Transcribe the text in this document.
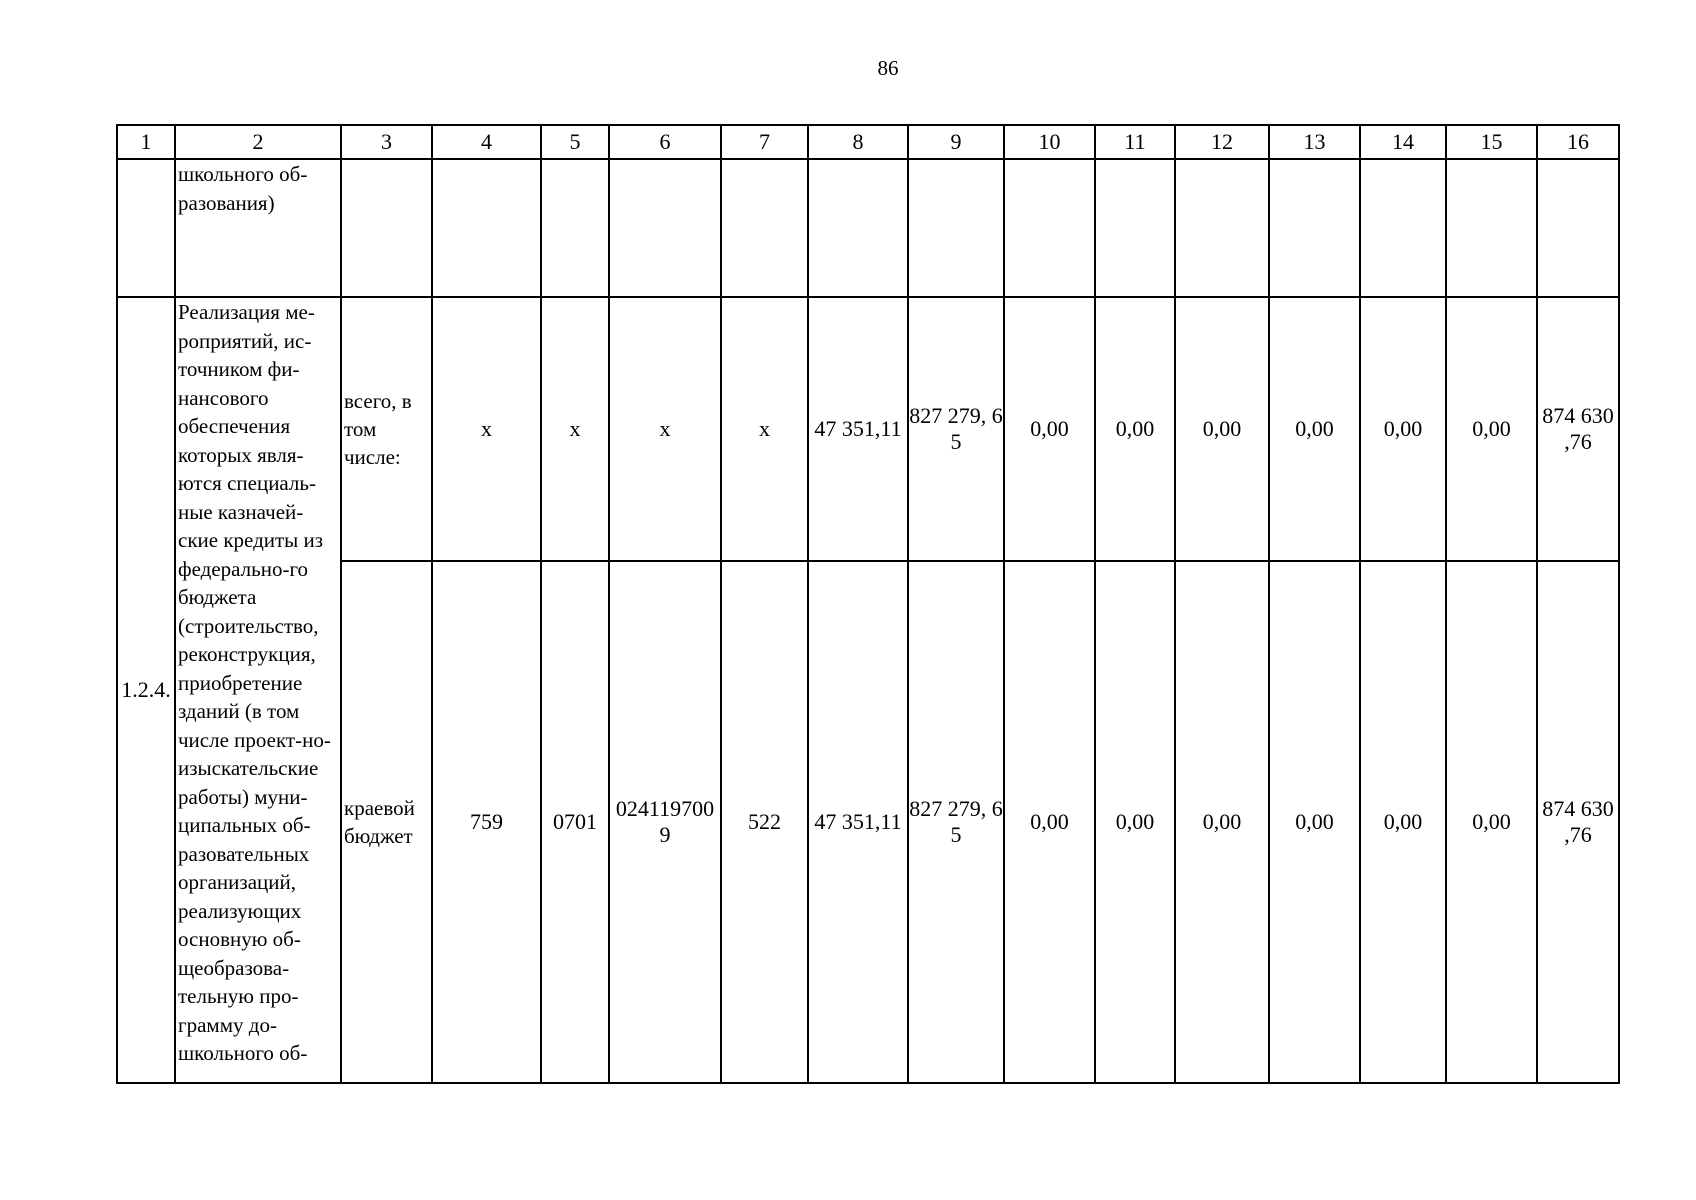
86
1	2	3	4	5	6	7	8	9	10	11	12	13	14	15	16

	школьного об-
разования)														

1.2.4.	Реализация ме-роприятий, ис-точником фи-нансового обеспечения которых явля-ются специаль-ные казначей-ские кредиты из федерально-го бюджета (строительство, реконструкция, приобретение зданий (в том числе проект-но-изыскательские работы) муни-ципальных об-разовательных организаций, реализующих основную об-щеобразова-тельную про-грамму до-школьного об-	всего, в том числе:	х	х	х	х	47 351,11	827 279, 65	0,00	0,00	0,00	0,00	0,00	0,00	874 630 ,76
		краевой бюджет	759	0701	024119700 9	522	47 351,11	827 279, 65	0,00	0,00	0,00	0,00	0,00	0,00	874 630 ,76
